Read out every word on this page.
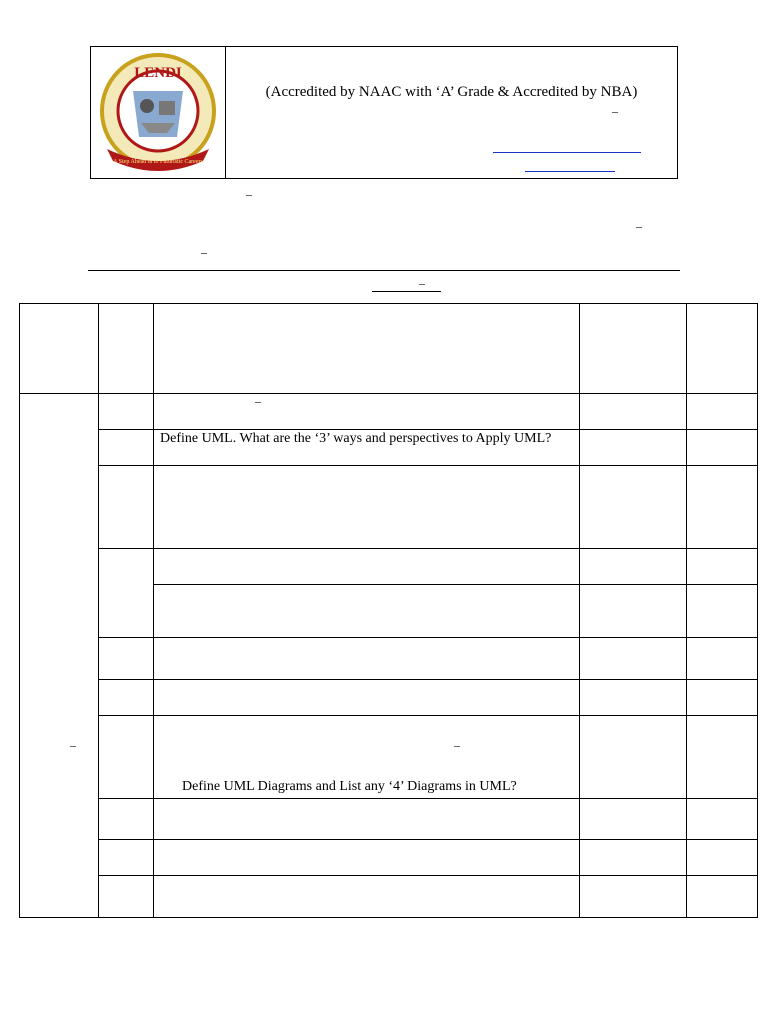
LENDI
A Step Ahead in to Futuristic Careers
(Accredited by NAAC with ‘A’ Grade & Accredited by NBA)
–
–
–
–
–
–
Define UML. What are the ‘3’ ways and perspectives to Apply UML?
–
Define UML Diagrams and List any ‘4’ Diagrams in UML?
–
